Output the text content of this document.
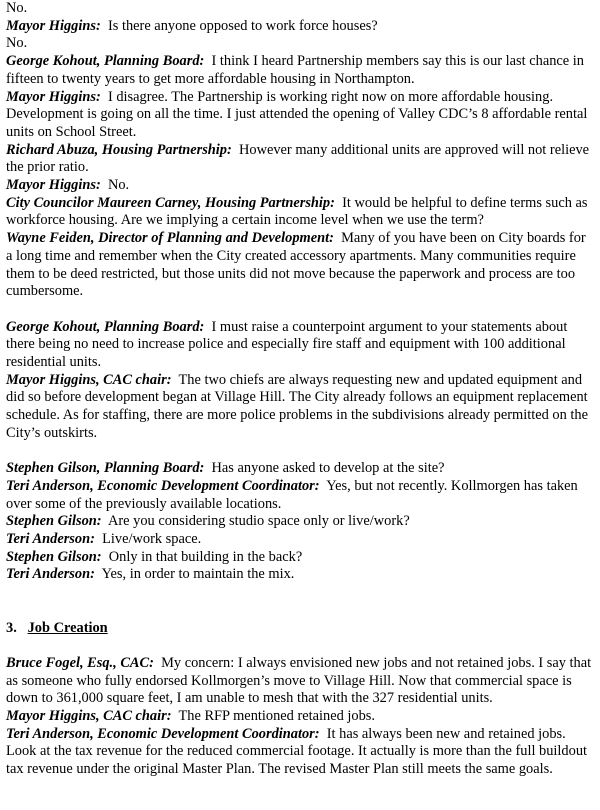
No.

Mayor Higgins: Is there anyone opposed to work force houses?

No.

George Kohout, Planning Board: I think I heard Partnership members say this is our last chance in fifteen to twenty years to get more affordable housing in Northampton.

Mayor Higgins: I disagree. The Partnership is working right now on more affordable housing. Development is going on all the time. I just attended the opening of Valley CDC’s 8 affordable rental units on School Street.

Richard Abuza, Housing Partnership: However many additional units are approved will not relieve the prior ratio.

Mayor Higgins: No.

City Councilor Maureen Carney, Housing Partnership: It would be helpful to define terms such as workforce housing. Are we implying a certain income level when we use the term?

Wayne Feiden, Director of Planning and Development: Many of you have been on City boards for a long time and remember when the City created accessory apartments. Many communities require them to be deed restricted, but those units did not move because the paperwork and process are too cumbersome.

George Kohout, Planning Board: I must raise a counterpoint argument to your statements about there being no need to increase police and especially fire staff and equipment with 100 additional residential units.

Mayor Higgins, CAC chair: The two chiefs are always requesting new and updated equipment and did so before development began at Village Hill. The City already follows an equipment replacement schedule. As for staffing, there are more police problems in the subdivisions already permitted on the City’s outskirts.

Stephen Gilson, Planning Board: Has anyone asked to develop at the site?

Teri Anderson, Economic Development Coordinator: Yes, but not recently. Kollmorgen has taken over some of the previously available locations.

Stephen Gilson: Are you considering studio space only or live/work?

Teri Anderson: Live/work space.

Stephen Gilson: Only in that building in the back?

Teri Anderson: Yes, in order to maintain the mix.

3. Job Creation

Bruce Fogel, Esq., CAC: My concern: I always envisioned new jobs and not retained jobs. I say that as someone who fully endorsed Kollmorgen’s move to Village Hill. Now that commercial space is down to 361,000 square feet, I am unable to mesh that with the 327 residential units.

Mayor Higgins, CAC chair: The RFP mentioned retained jobs.

Teri Anderson, Economic Development Coordinator: It has always been new and retained jobs. Look at the tax revenue for the reduced commercial footage. It actually is more than the full buildout tax revenue under the original Master Plan. The revised Master Plan still meets the same goals.
